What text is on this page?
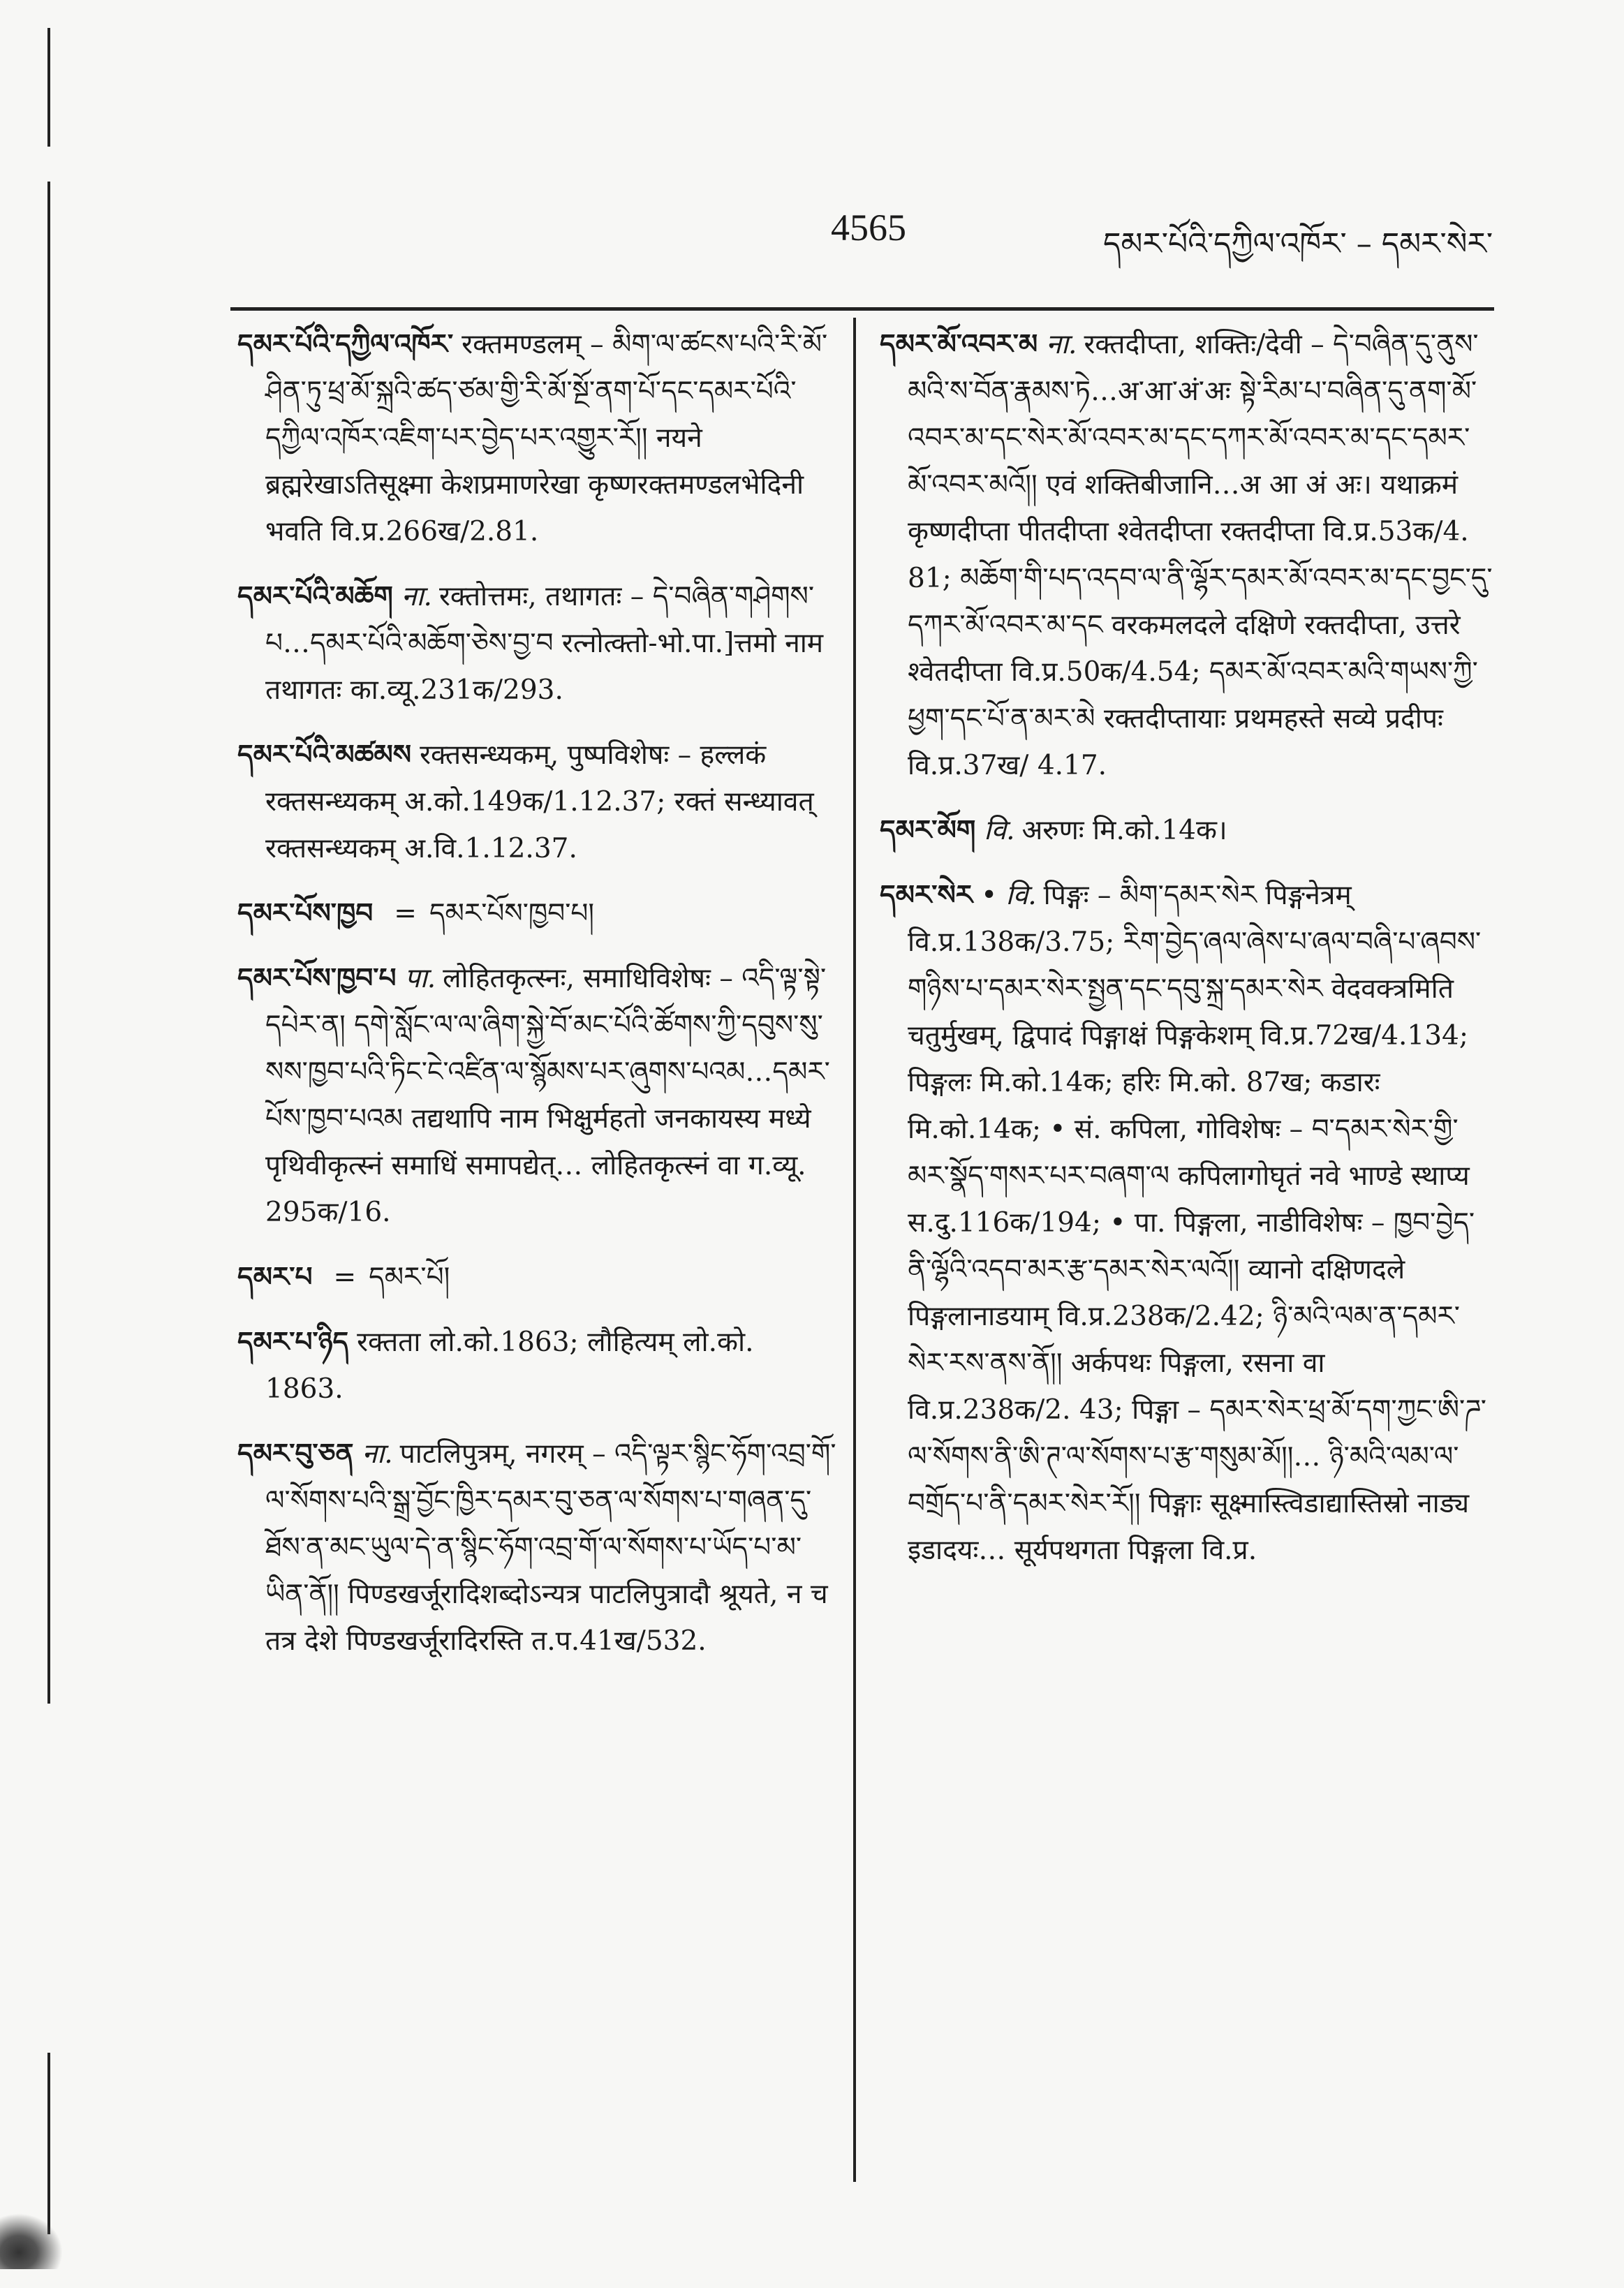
4565	དམར་པོའི་དཀྱིལ་འཁོར་ – དམར་སེར་
དམར་པོའི་དཀྱིལ་འཁོར་ रक्तमण्डलम् – མིག་ལ་ཚངས་པའི་རི་མོ་ཤིན་ཏུ་ཕྲ་མོ་སྐྲའི་ཚད་ཙམ་གྱི་རི་མོ་སྔོ་ནག་པོ་དང་དམར་པོའི་དཀྱིལ་འཁོར་འཇིག་པར་བྱེད་པར་འགྱུར་རོ།། नयने ब्रह्मरेखाऽतिसूक्ष्मा केशप्रमाणरेखा कृष्णरक्तमण्डलभेदिनी भवति वि.प्र.266ख/2.81.
དམར་པོའི་མཆོག ना. रक्तोत्तमः, तथागतः – དེ་བཞིན་གཤེགས་པ…དམར་པོའི་མཆོག་ཅེས་བྱ་བ रत्नोत्क्तो-भो.पा.]त्तमो नाम तथागतः का.व्यू.231क/293.
དམར་པོའི་མཚམས रक्तसन्ध्यकम्, पुष्पविशेषः – हल्लकं रक्तसन्ध्यकम् अ.को.149क/1.12.37; रक्तं सन्ध्यावत् रक्तसन्ध्यकम् अ.वि.1.12.37.
དམར་པོས་ཁྱབ = དམར་པོས་ཁྱབ་པ།
དམར་པོས་ཁྱབ་པ पा. लोहितकृत्स्नः, समाधिविशेषः – འདི་ལྟ་སྟེ་དཔེར་ན། དགེ་སློང་ལ་ལ་ཞིག་སྐྱེ་བོ་མང་པོའི་ཚོགས་ཀྱི་དབུས་སུ་སས་ཁྱབ་པའི་ཏིང་ངེ་འཛིན་ལ་སྙོམས་པར་ཞུགས་པའམ…དམར་པོས་ཁྱབ་པའམ तद्यथापि नाम भिक्षुर्महतो जनकायस्य मध्ये पृथिवीकृत्स्नं समाधिं समापद्येत्… लोहितकृत्स्नं वा ग.व्यू. 295क/16.
དམར་པ = དམར་པོ།
དམར་པ་ཉིད रक्तता लो.को.1863; लौहित्यम् लो.को. 1863.
དམར་བུ་ཅན ना. पाटलिपुत्रम्, नगरम् – འདི་ལྟར་སྙིང་ཧོག་འབྲ་གོ་ལ་སོགས་པའི་སྒྲ་བྱོང་ཁྱིར་དམར་བུ་ཅན་ལ་སོགས་པ་གཞན་དུ་ཐོས་ན་མང་ཡུལ་དེ་ན་སྙིང་ཧོག་འབྲ་གོ་ལ་སོགས་པ་ཡོད་པ་མ་ཡིན་ནོ།། पिण्डखर्जूरादिशब्दोऽन्यत्र पाटलिपुत्रादौ श्रूयते, न च तत्र देशे पिण्डखर्जूरादिरस्ति त.प.41ख/532.
དམར་མོ་འབར་མ ना. रक्तदीप्ता, शक्तिः/देवी – དེ་བཞིན་དུ་ནུས་མའི་ས་བོན་རྣམས་ཏེ…अ་आ་अं་अः སྟེ་རིམ་པ་བཞིན་དུ་ནག་མོ་འབར་མ་དང་སེར་མོ་འབར་མ་དང་དཀར་མོ་འབར་མ་དང་དམར་མོ་འབར་མའོ།། एवं शक्तिबीजानि…अ आ अं अः। यथाक्रमं कृष्णदीप्ता पीतदीप्ता श्वेतदीप्ता रक्तदीप्ता वि.प्र.53क/4. 81; མཆོག་གི་པད་འདབ་ལ་ནི་ལྷོར་དམར་མོ་འབར་མ་དང་བྱང་དུ་དཀར་མོ་འབར་མ་དང वरकमलदले दक्षिणे रक्तदीप्ता, उत्तरे श्वेतदीप्ता वि.प्र.50क/4.54; དམར་མོ་འབར་མའི་གཡས་ཀྱི་ཕྱག་དང་པོ་ན་མར་མེ रक्तदीप्तायाः प्रथमहस्ते सव्ये प्रदीपः वि.प्र.37ख/ 4.17.
དམར་མོག वि. अरुणः मि.को.14क।
དམར་སེར • वि. पिङ्गः – མིག་དམར་སེར पिङ्गनेत्रम् वि.प्र.138क/3.75; རིག་བྱེད་ཞལ་ཞེས་པ་ཞལ་བཞི་པ་ཞབས་གཉིས་པ་དམར་སེར་སྤྱན་དང་དབུ་སྐྲ་དམར་སེར वेदवक्त्रमिति चतुर्मुखम्, द्विपादं पिङ्गाक्षं पिङ्गकेशम् वि.प्र.72ख/4.134; पिङ्गलः मि.को.14क; हरिः मि.को. 87ख; कडारः मि.को.14क; • सं. कपिला, गोविशेषः – བ་དམར་སེར་གྱི་མར་སྣོད་གསར་པར་བཞག་ལ कपिलागोघृतं नवे भाण्डे स्थाप्य स.दु.116क/194; • पा. पिङ्गला, नाडीविशेषः – ཁྱབ་བྱེད་ནི་ལྷོའི་འདབ་མར་རྩ་དམར་སེར་ལའོ།། व्यानो दक्षिणदले पिङ्गलानाडयाम् वि.प्र.238क/2.42; ཉི་མའི་ལམ་ན་དམར་སེར་རས་ནས་ནོ།། अर्कपथः पिङ्गला, रसना वा वि.प्र.238क/2. 43; पिङ्गा – དམར་སེར་ཕྲ་མོ་དག་ཀྱང་ཨི་ཌ་ལ་སོགས་ནི་ཨི་ཊ་ལ་སོགས་པ་རྩ་གསུམ་མོ།།… ཉི་མའི་ལམ་ལ་བགྲོད་པ་ནི་དམར་སེར་རོ།། पिङ्गाः सूक्ष्मास्त्विडाद्यास्तिस्रो नाड्य इडादयः… सूर्यपथगता पिङ्गला वि.प्र.
